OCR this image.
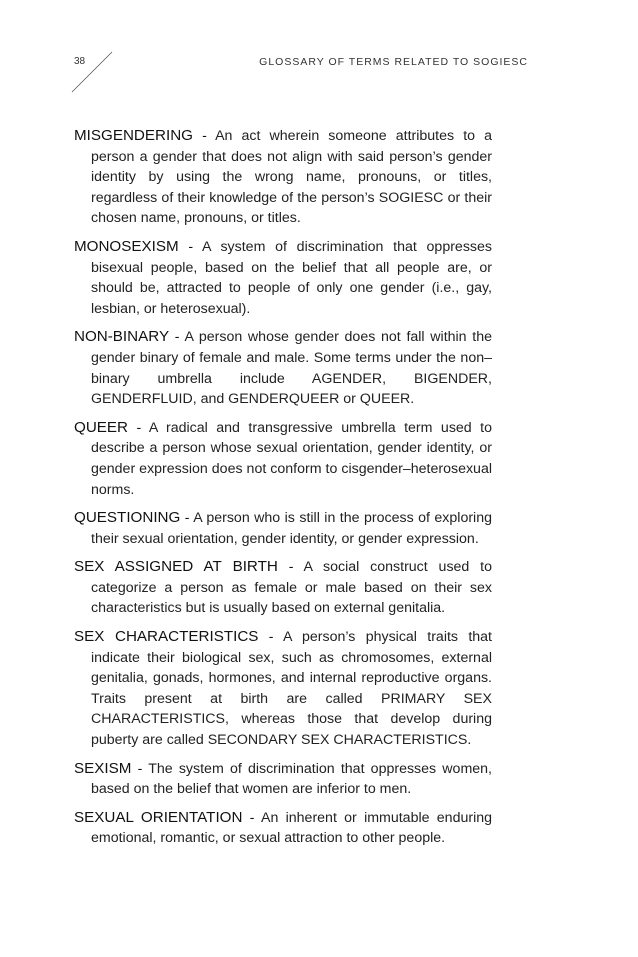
38	GLOSSARY OF TERMS RELATED TO SOGIESC

MISGENDERING - An act wherein someone attributes to a person a gender that does not align with said person’s gender identity by using the wrong name, pronouns, or titles, regardless of their knowledge of the person’s SOGIESC or their chosen name, pronouns, or titles.

MONOSEXISM - A system of discrimination that oppresses bisexual people, based on the belief that all people are, or should be, attracted to people of only one gender (i.e., gay, lesbian, or heterosexual).

NON-BINARY - A person whose gender does not fall within the gender binary of female and male. Some terms under the non–binary umbrella include AGENDER, BIGENDER, GENDERFLUID, and GENDERQUEER or QUEER.

QUEER - A radical and transgressive umbrella term used to describe a person whose sexual orientation, gender identity, or gender expression does not conform to cisgender–heterosexual norms.

QUESTIONING - A person who is still in the process of exploring their sexual orientation, gender identity, or gender expression.

SEX ASSIGNED AT BIRTH - A social construct used to categorize a person as female or male based on their sex characteristics but is usually based on external genitalia.

SEX CHARACTERISTICS - A person’s physical traits that indicate their biological sex, such as chromosomes, external genitalia, gonads, hormones, and internal reproductive organs. Traits present at birth are called PRIMARY SEX CHARACTERISTICS, whereas those that develop during puberty are called SECONDARY SEX CHARACTERISTICS.

SEXISM - The system of discrimination that oppresses women, based on the belief that women are inferior to men.

SEXUAL ORIENTATION - An inherent or immutable enduring emotional, romantic, or sexual attraction to other people.
